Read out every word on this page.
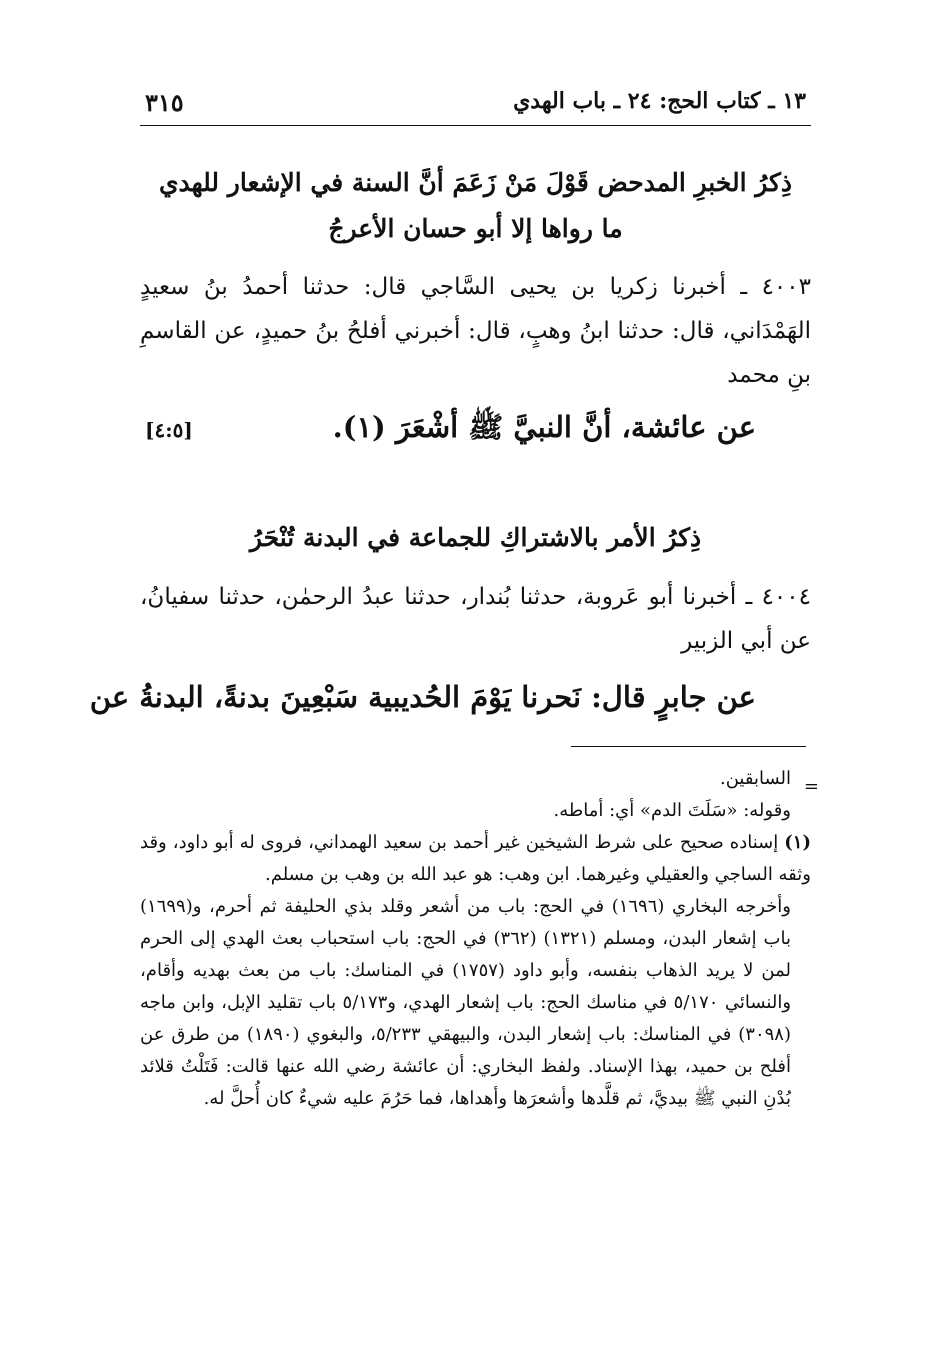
١٣ ـ كتاب الحج: ٢٤ ـ باب الهدي
٣١٥
ذِكرُ الخبرِ المدحض قَوْلَ مَنْ زَعَمَ أنَّ السنة في الإشعار للهدي
ما رواها إلا أبو حسان الأعرجُ
٤٠٠٣ ـ أخبرنا زكريا بن يحيى السَّاجي قال: حدثنا أحمدُ بنُ سعيدٍ الهَمْدَاني، قال: حدثنا ابنُ وهبٍ، قال: أخبرني أفلحُ بنُ حميدٍ، عن القاسمِ بنِ محمد
عن عائشة، أنَّ النبيَّ ﷺ أشْعَرَ (١).
[٤:٥]
ذِكرُ الأمر بالاشتراكِ للجماعة في البدنة تُنْحَرُ
٤٠٠٤ ـ أخبرنا أبو عَروبة، حدثنا بُندار، حدثنا عبدُ الرحمٰن، حدثنا سفيانُ، عن أبي الزبير
عن جابرٍ قال: نَحرنا يَوْمَ الحُديبية سَبْعِينَ بدنةً، البدنةُ عن
=
السابقين.
وقوله: «سَلَتَ الدم» أي: أماطه.
(١) إسناده صحيح على شرط الشيخين غير أحمد بن سعيد الهمداني، فروى له أبو داود، وقد وثقه الساجي والعقيلي وغيرهما. ابن وهب: هو عبد الله بن وهب بن مسلم.
وأخرجه البخاري (١٦٩٦) في الحج: باب من أشعر وقلد بذي الحليفة ثم أحرم، و(١٦٩٩) باب إشعار البدن، ومسلم (١٣٢١) (٣٦٢) في الحج: باب استحباب بعث الهدي إلى الحرم لمن لا يريد الذهاب بنفسه، وأبو داود (١٧٥٧) في المناسك: باب من بعث بهديه وأقام، والنسائي ٥/١٧٠ في مناسك الحج: باب إشعار الهدي، و٥/١٧٣ باب تقليد الإبل، وابن ماجه (٣٠٩٨) في المناسك: باب إشعار البدن، والبيهقي ٥/٢٣٣، والبغوي (١٨٩٠) من طرق عن أفلح بن حميد، بهذا الإسناد. ولفظ البخاري: أن عائشة رضي الله عنها قالت: فَتَلْتُ قلائد بُدْنِ النبي ﷺ بيديَّ، ثم قلَّدها وأشعرَها وأهداها، فما حَرُمَ عليه شيءٌ كان أُحلَّ له.
